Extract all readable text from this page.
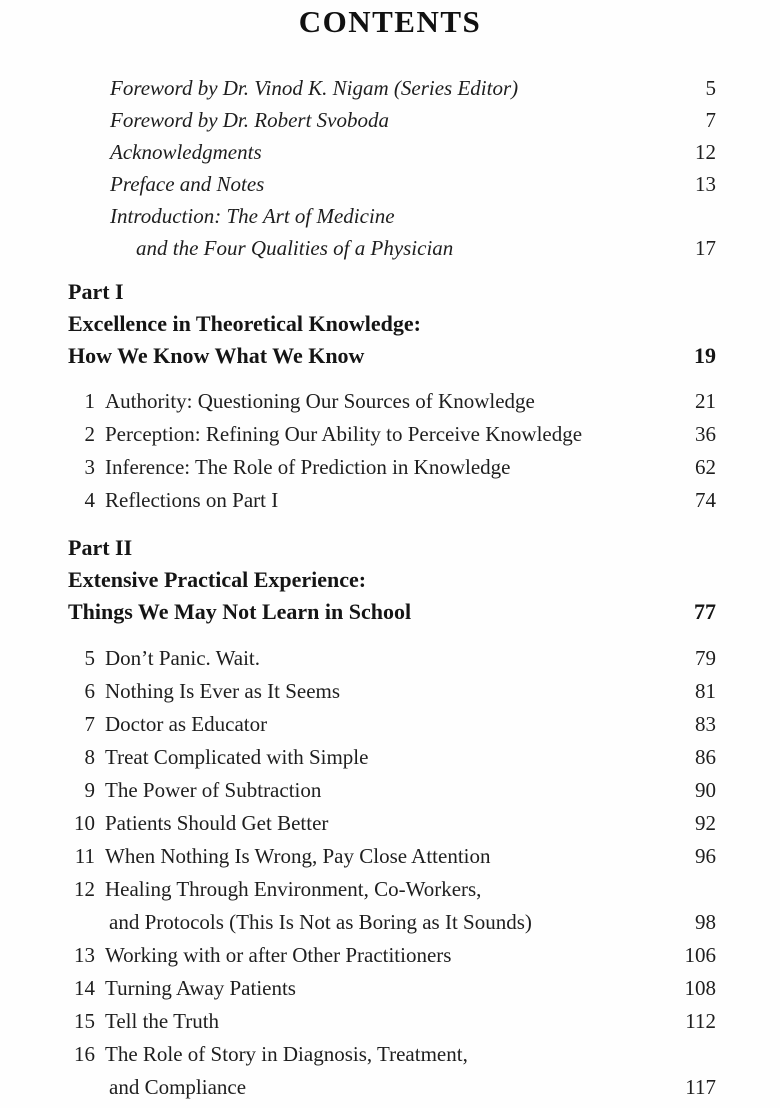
CONTENTS
Foreword by Dr. Vinod K. Nigam (Series Editor)	5
Foreword by Dr. Robert Svoboda	7
Acknowledgments	12
Preface and Notes	13
Introduction: The Art of Medicine
and the Four Qualities of a Physician	17
Part I
Excellence in Theoretical Knowledge:
How We Know What We Know	19
1 Authority: Questioning Our Sources of Knowledge	21
2 Perception: Refining Our Ability to Perceive Knowledge	36
3 Inference: The Role of Prediction in Knowledge	62
4 Reflections on Part I	74
Part II
Extensive Practical Experience:
Things We May Not Learn in School	77
5 Don’t Panic. Wait.	79
6 Nothing Is Ever as It Seems	81
7 Doctor as Educator	83
8 Treat Complicated with Simple	86
9 The Power of Subtraction	90
10 Patients Should Get Better	92
11 When Nothing Is Wrong, Pay Close Attention	96
12 Healing Through Environment, Co-Workers,
and Protocols (This Is Not as Boring as It Sounds)	98
13 Working with or after Other Practitioners	106
14 Turning Away Patients	108
15 Tell the Truth	112
16 The Role of Story in Diagnosis, Treatment,
and Compliance	117
